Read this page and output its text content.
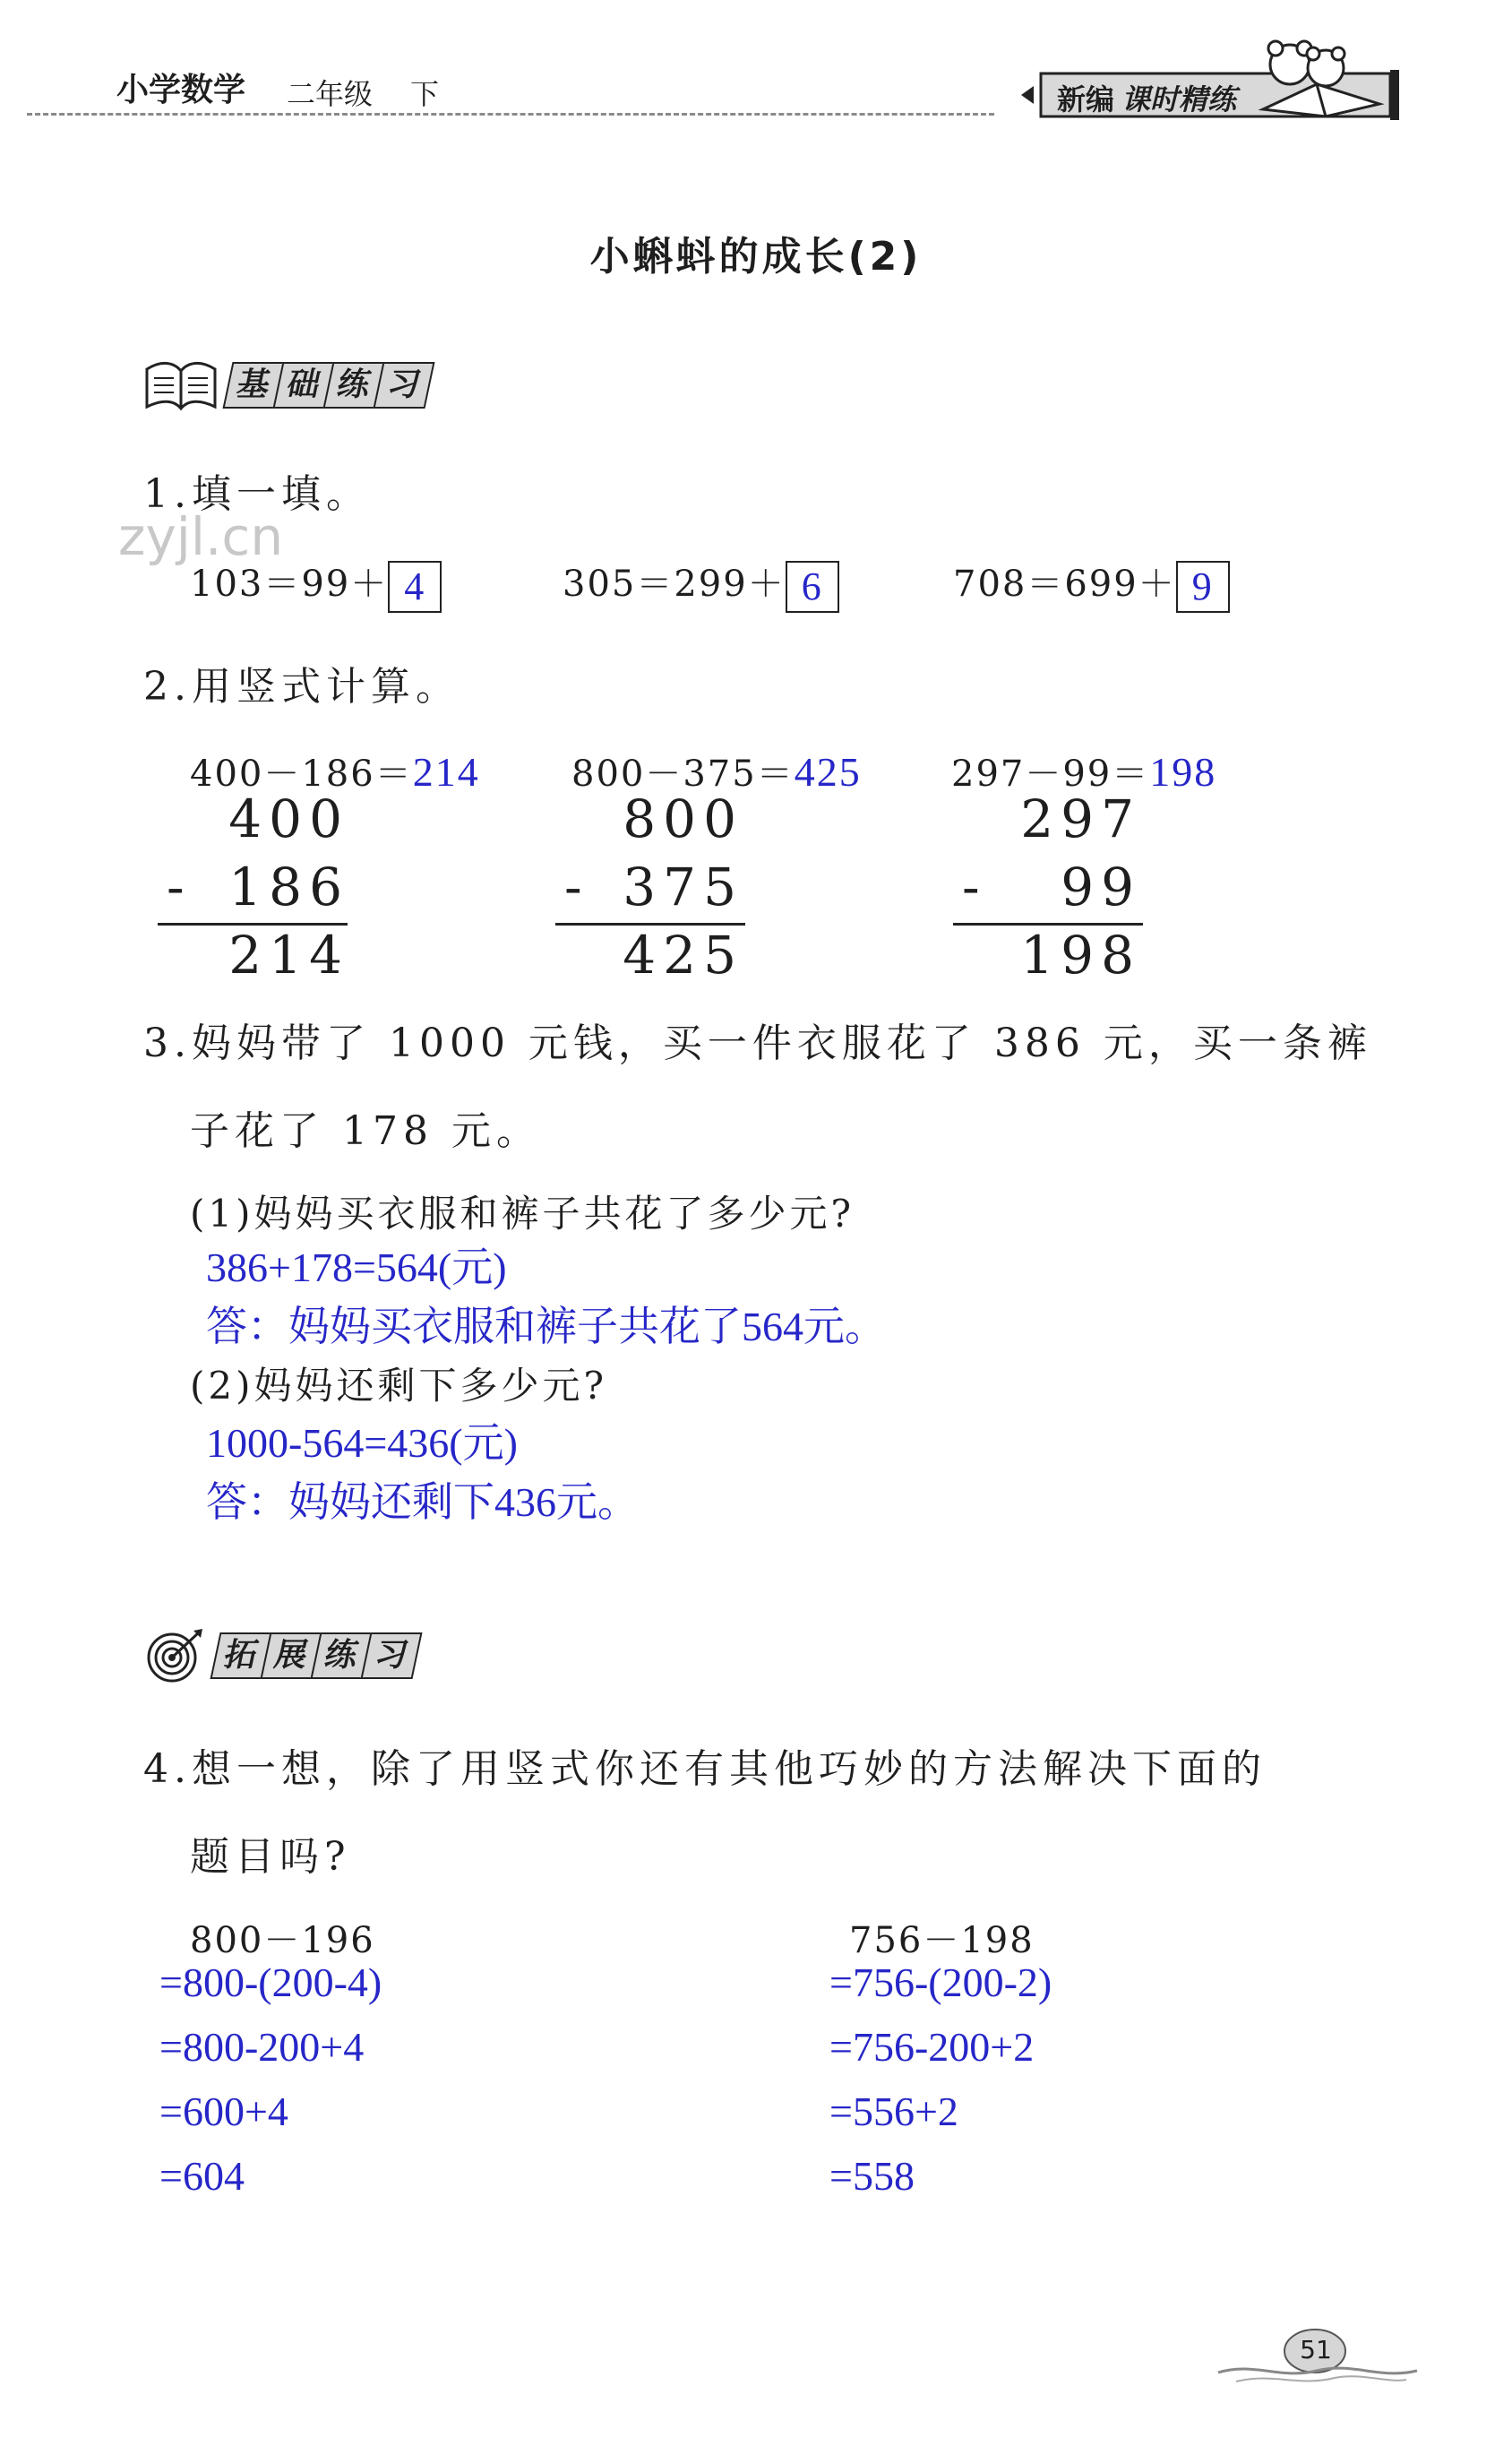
小学数学 二年级 下	新编 课时精练
小蝌蚪的成长(2)
基 础 练 习
1.填一填。
zyjl.cn
103＝99＋ 4	305＝299＋ 6	708＝699＋ 9
2.用竖式计算。
400－186＝214	800－375＝425	297－99＝198
400
- 186
214
800
- 375
425
297
-	99
198
3.妈妈带了 1000 元钱，买一件衣服花了 386 元，买一条裤
子花了 178 元。
(1)妈妈买衣服和裤子共花了多少元?
386+178=564(元)
答：妈妈买衣服和裤子共花了564元。
(2)妈妈还剩下多少元?
1000-564=436(元)
答：妈妈还剩下436元。
拓 展 练 习
4.想一想，除了用竖式你还有其他巧妙的方法解决下面的
题目吗?
800－196
=800-(200-4)
=800-200+4
=600+4
=604
756－198
=756-(200-2)
=756-200+2
=556+2
=558
51
